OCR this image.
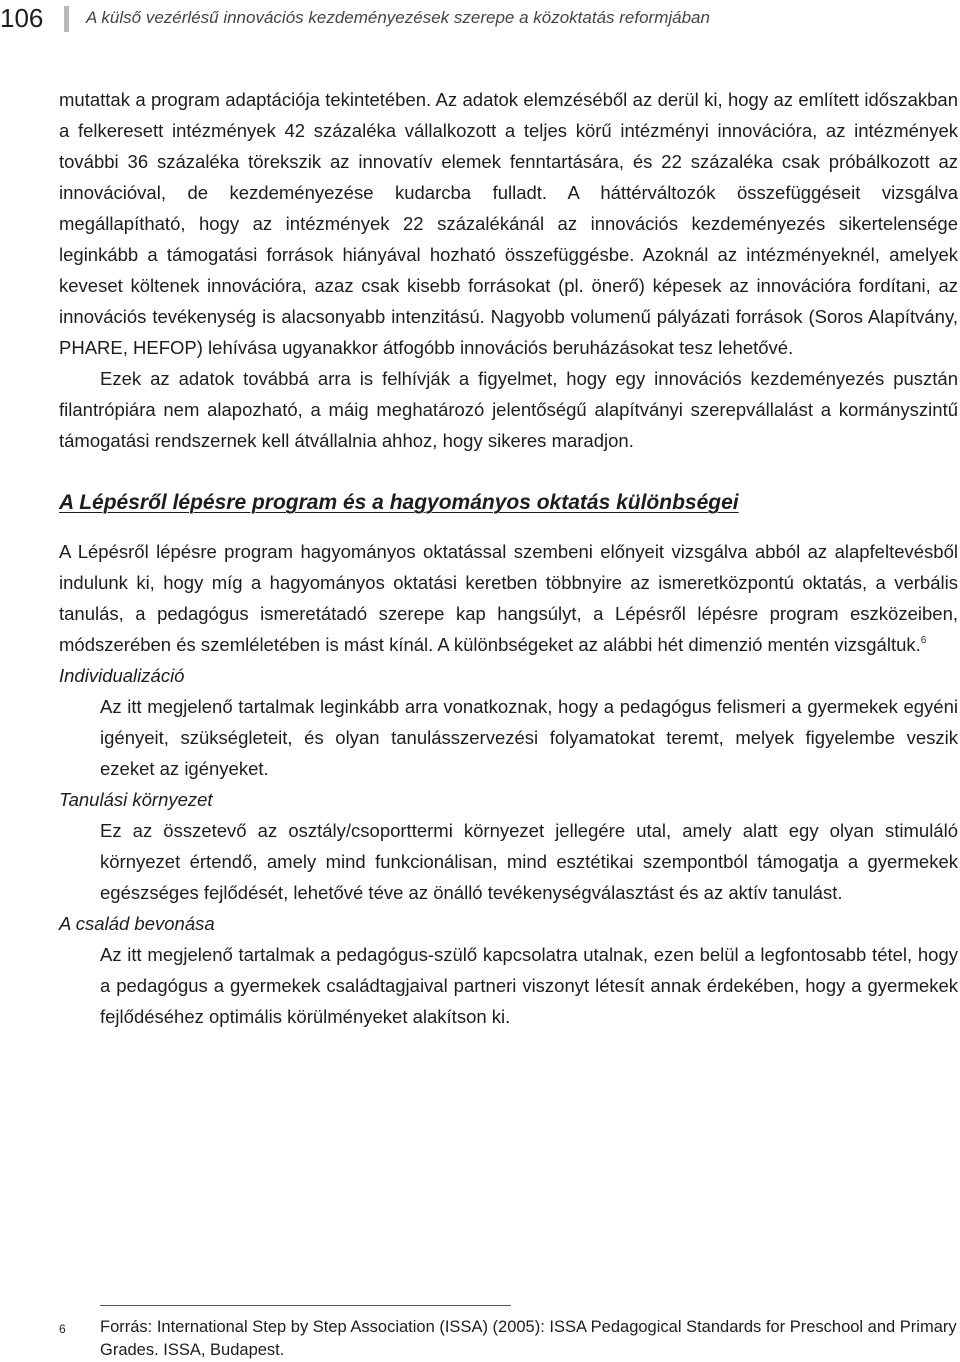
106	A külső vezérlésű innovációs kezdeményezések szerepe a közoktatás reformjában

mutattak a program adaptációja tekintetében. Az adatok elemzéséből az derül ki, hogy az említett időszakban a felkeresett intézmények 42 százaléka vállalkozott a teljes körű intézményi innovációra, az intézmények további 36 százaléka törekszik az innovatív elemek fenntartására, és 22 százaléka csak próbálkozott az innovációval, de kezdeményezése kudarcba fulladt. A háttérváltozók összefüggéseit vizsgálva megállapítható, hogy az intézmények 22 százalékánál az innovációs kezdeményezés sikertelensége leginkább a támogatási források hiányával hozható összefüggésbe. Azoknál az intézményeknél, amelyek keveset költenek innovációra, azaz csak kisebb forrásokat (pl. önerő) képesek az innovációra fordítani, az innovációs tevékenység is alacsonyabb intenzitású. Nagyobb volumenű pályázati források (Soros Alapítvány, PHARE, HEFOP) lehívása ugyanakkor átfogóbb innovációs beruházásokat tesz lehetővé.

Ezek az adatok továbbá arra is felhívják a figyelmet, hogy egy innovációs kezdeményezés pusztán filantrópiára nem alapozható, a máig meghatározó jelentőségű alapítványi szerepvállalást a kormányszintű támogatási rendszernek kell átvállalnia ahhoz, hogy sikeres maradjon.

A Lépésről lépésre program és a hagyományos oktatás különbségei

A Lépésről lépésre program hagyományos oktatással szembeni előnyeit vizsgálva abból az alapfeltevésből indulunk ki, hogy míg a hagyományos oktatási keretben többnyire az ismeretközpontú oktatás, a verbális tanulás, a pedagógus ismeretátadó szerepe kap hangsúlyt, a Lépésről lépésre program eszközeiben, módszerében és szemléletében is mást kínál. A különbségeket az alábbi hét dimenzió mentén vizsgáltuk.$^6$

Individualizáció

Az itt megjelenő tartalmak leginkább arra vonatkoznak, hogy a pedagógus felismeri a gyermekek egyéni igényeit, szükségleteit, és olyan tanulásszervezési folyamatokat teremt, melyek figyelembe veszik ezeket az igényeket.

Tanulási környezet

Ez az összetevő az osztály/csoporttermi környezet jellegére utal, amely alatt egy olyan stimuláló környezet értendő, amely mind funkcionálisan, mind esztétikai szempontból támogatja a gyermekek egészséges fejlődését, lehetővé téve az önálló tevékenységválasztást és az aktív tanulást.

A család bevonása

Az itt megjelenő tartalmak a pedagógus-szülő kapcsolatra utalnak, ezen belül a legfontosabb tétel, hogy a pedagógus a gyermekek családtagjaival partneri viszonyt létesít annak érdekében, hogy a gyermekek fejlődéséhez optimális körülményeket alakítson ki.

6 Forrás: International Step by Step Association (ISSA) (2005): ISSA Pedagogical Standards for Preschool and Primary Grades. ISSA, Budapest.
